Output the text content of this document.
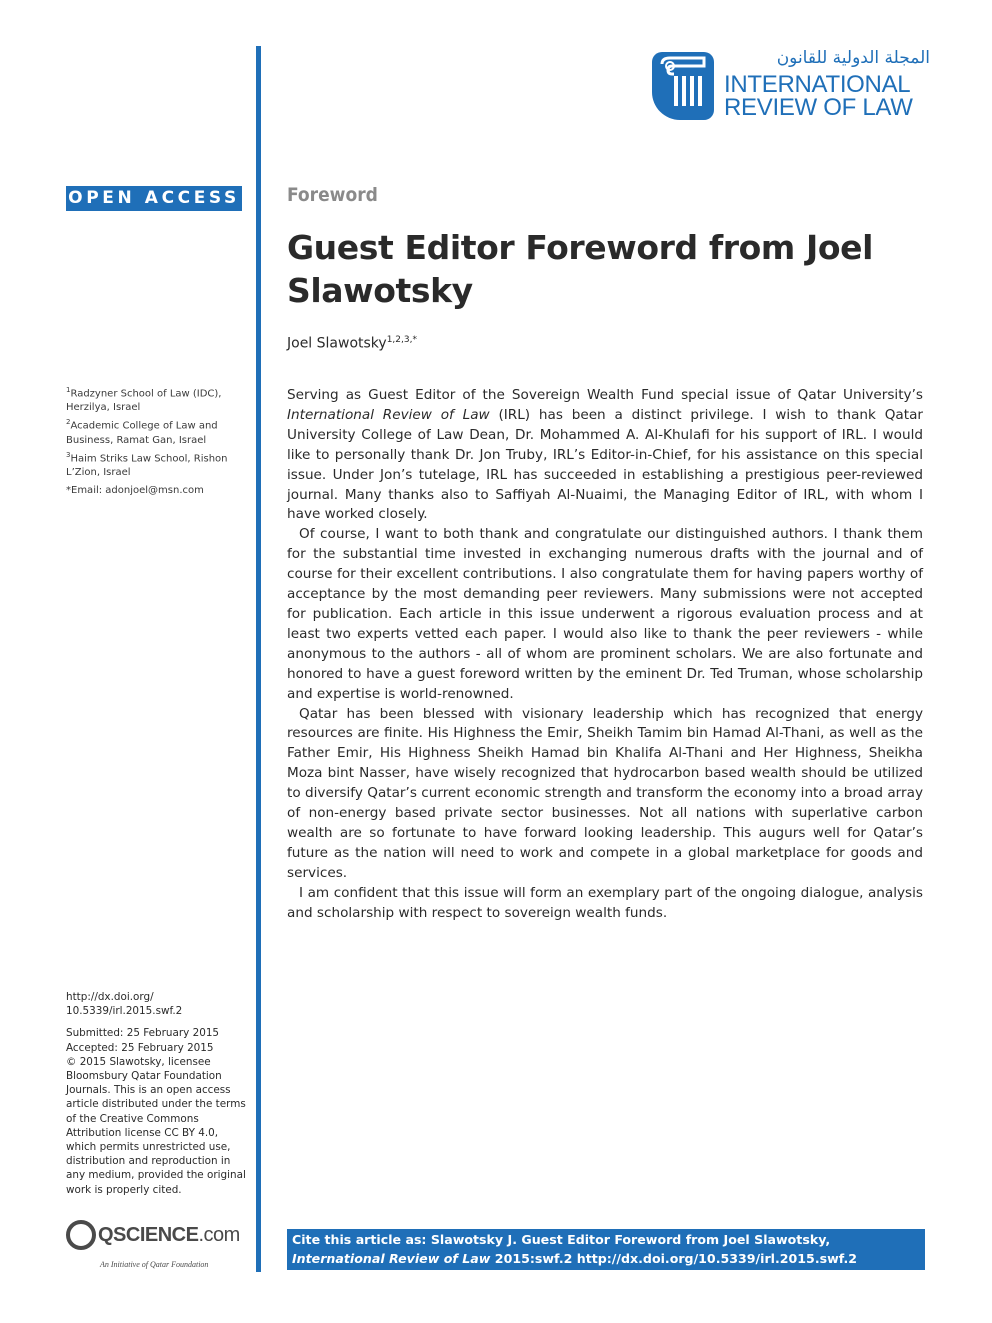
المجلة الدولية للقانون
INTERNATIONAL
REVIEW OF LAW
OPEN ACCESS Foreword
Guest Editor Foreword from Joel Slawotsky
Joel Slawotsky$^{1,2,3,*}$
$^1$Radzyner School of Law (IDC), Herzilya, Israel
$^2$Academic College of Law and Business, Ramat Gan, Israel
$^3$Haim Striks Law School, Rishon L’Zion, Israel
*Email: adonjoel@msn.com

Serving as Guest Editor of the Sovereign Wealth Fund special issue of Qatar University’s International Review of Law (IRL) has been a distinct privilege. I wish to thank Qatar University College of Law Dean, Dr. Mohammed A. Al-Khulafi for his support of IRL. I would like to personally thank Dr. Jon Truby, IRL’s Editor-in-Chief, for his assistance on this special issue. Under Jon’s tutelage, IRL has succeeded in establishing a prestigious peer-reviewed journal. Many thanks also to Saffiyah Al-Nuaimi, the Managing Editor of IRL, with whom I have worked closely.

Of course, I want to both thank and congratulate our distinguished authors. I thank them for the substantial time invested in exchanging numerous drafts with the journal and of course for their excellent contributions. I also congratulate them for having papers worthy of acceptance by the most demanding peer reviewers. Many submissions were not accepted for publication. Each article in this issue underwent a rigorous evaluation process and at least two experts vetted each paper. I would also like to thank the peer reviewers - while anonymous to the authors - all of whom are prominent scholars. We are also fortunate and honored to have a guest foreword written by the eminent Dr. Ted Truman, whose scholarship and expertise is world-renowned.

Qatar has been blessed with visionary leadership which has recognized that energy resources are finite. His Highness the Emir, Sheikh Tamim bin Hamad Al-Thani, as well as the Father Emir, His Highness Sheikh Hamad bin Khalifa Al-Thani and Her Highness, Sheikha Moza bint Nasser, have wisely recognized that hydrocarbon based wealth should be utilized to diversify Qatar’s current economic strength and transform the economy into a broad array of non-energy based private sector businesses. Not all nations with superlative carbon wealth are so fortunate to have forward looking leadership. This augurs well for Qatar’s future as the nation will need to work and compete in a global marketplace for goods and services.

I am confident that this issue will form an exemplary part of the ongoing dialogue, analysis and scholarship with respect to sovereign wealth funds.

http://dx.doi.org/
10.5339/irl.2015.swf.2
Submitted: 25 February 2015
Accepted: 25 February 2015
© 2015 Slawotsky, licensee Bloomsbury Qatar Foundation Journals. This is an open access article distributed under the terms of the Creative Commons Attribution license CC BY 4.0, which permits unrestricted use, distribution and reproduction in any medium, provided the original work is properly cited.
QSCIENCE.com
An Initiative of Qatar Foundation
Cite this article as: Slawotsky J. Guest Editor Foreword from Joel Slawotsky, International Review of Law 2015:swf.2 http://dx.doi.org/10.5339/irl.2015.swf.2
